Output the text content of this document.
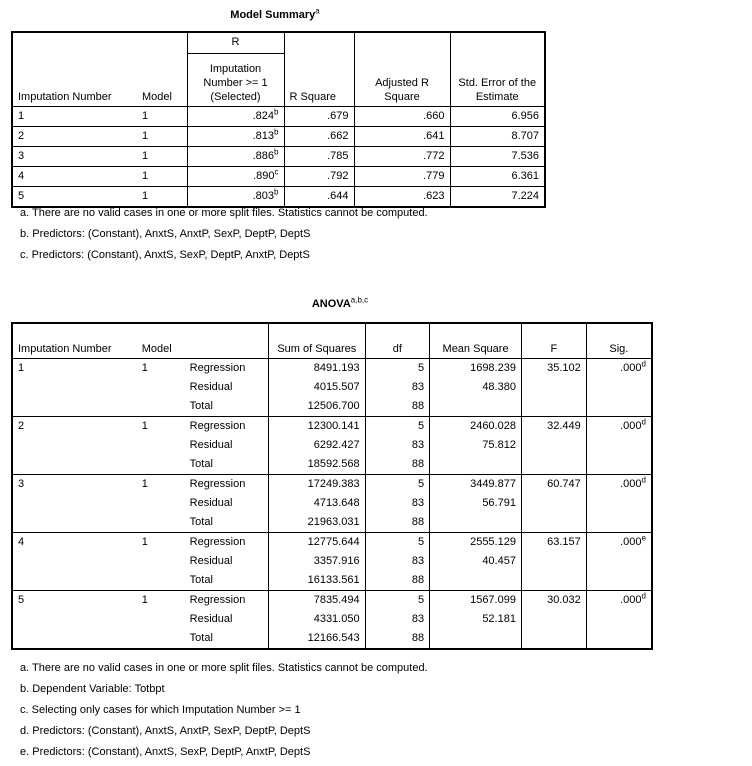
Model Summary$^a$
Imputation Number	Model	R	R Square	Adjusted R Square	Std. Error of the Estimate
		Imputation Number >= 1 (Selected)			
1	1	.824$^b$	.679	.660	6.956
2	1	.813$^b$	.662	.641	8.707
3	1	.886$^b$	.785	.772	7.536
4	1	.890$^c$	.792	.779	6.361
5	1	.803$^b$	.644	.623	7.224
a. There are no valid cases in one or more split files. Statistics cannot be computed.
b. Predictors: (Constant), AnxtS, AnxtP, SexP, DeptP, DeptS
c. Predictors: (Constant), AnxtS, SexP, DeptP, AnxtP, DeptS
ANOVA$^{a,b,c}$
Imputation Number	Model		Sum of Squares	df	Mean Square	F	Sig.
1	1	Regression	8491.193	5	1698.239	35.102	.000$^d$
		Residual	4015.507	83	48.380		
		Total	12506.700	88			
2	1	Regression	12300.141	5	2460.028	32.449	.000$^d$
		Residual	6292.427	83	75.812		
		Total	18592.568	88			
3	1	Regression	17249.383	5	3449.877	60.747	.000$^d$
		Residual	4713.648	83	56.791		
		Total	21963.031	88			
4	1	Regression	12775.644	5	2555.129	63.157	.000e
		Residual	3357.916	83	40.457		
		Total	16133.561	88			
5	1	Regression	7835.494	5	1567.099	30.032	.000$^d$
		Residual	4331.050	83	52.181		
		Total	12166.543	88			
a. There are no valid cases in one or more split files. Statistics cannot be computed.
b. Dependent Variable: Totbpt
c. Selecting only cases for which Imputation Number >= 1
d. Predictors: (Constant), AnxtS, AnxtP, SexP, DeptP, DeptS
e. Predictors: (Constant), AnxtS, SexP, DeptP, AnxtP, DeptS
